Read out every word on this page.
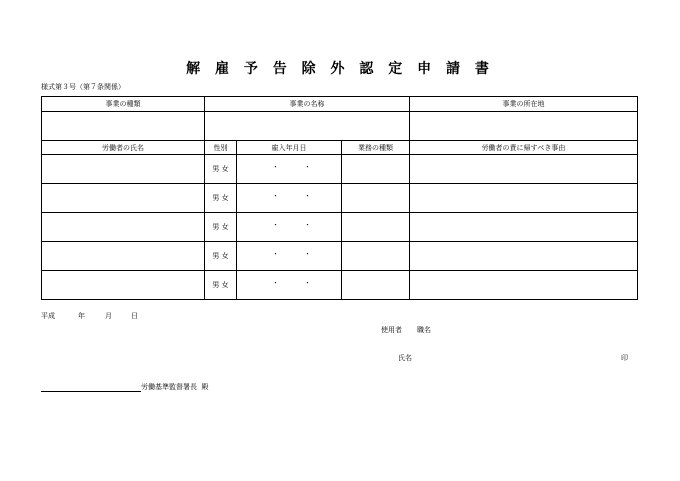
解 雇 予 告 除 外 認 定 申 請 書
様式第３号（第７条関係）
事業の種類	事業の名称			事業の所在地

労働者の氏名	性別	雇入年月日	業務の種類	労働者の責に帰すべき事由
	男 女	・ ・		

	男 女	・ ・		

	男 女	・ ・		

	男 女	・ ・		

	男 女	・ ・		

平成	年	月	日
使用者 職名
氏名	印
労働基準監督署長 殿
